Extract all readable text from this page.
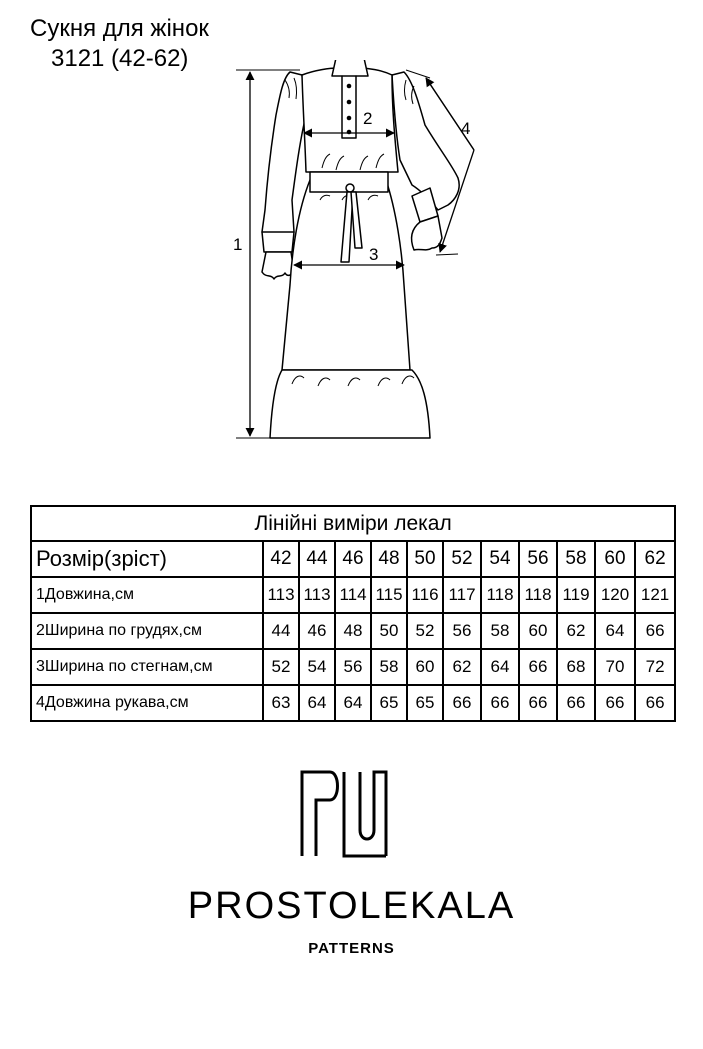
Сукня для жінок
3121 (42-62)
1
2
3
4
Лінійні виміри лекал											
Розмір(зріст)	42	44	46	48	50	52	54	56	58	60	62
1Довжина,см	113	113	114	115	116	117	118	118	119	120	121
2Ширина по грудях,см	44	46	48	50	52	56	58	60	62	64	66
3Ширина по стегнам,см	52	54	56	58	60	62	64	66	68	70	72
4Довжина рукава,см	63	64	64	65	65	66	66	66	66	66	66
PROSTOLEKALA
PATTERNS
